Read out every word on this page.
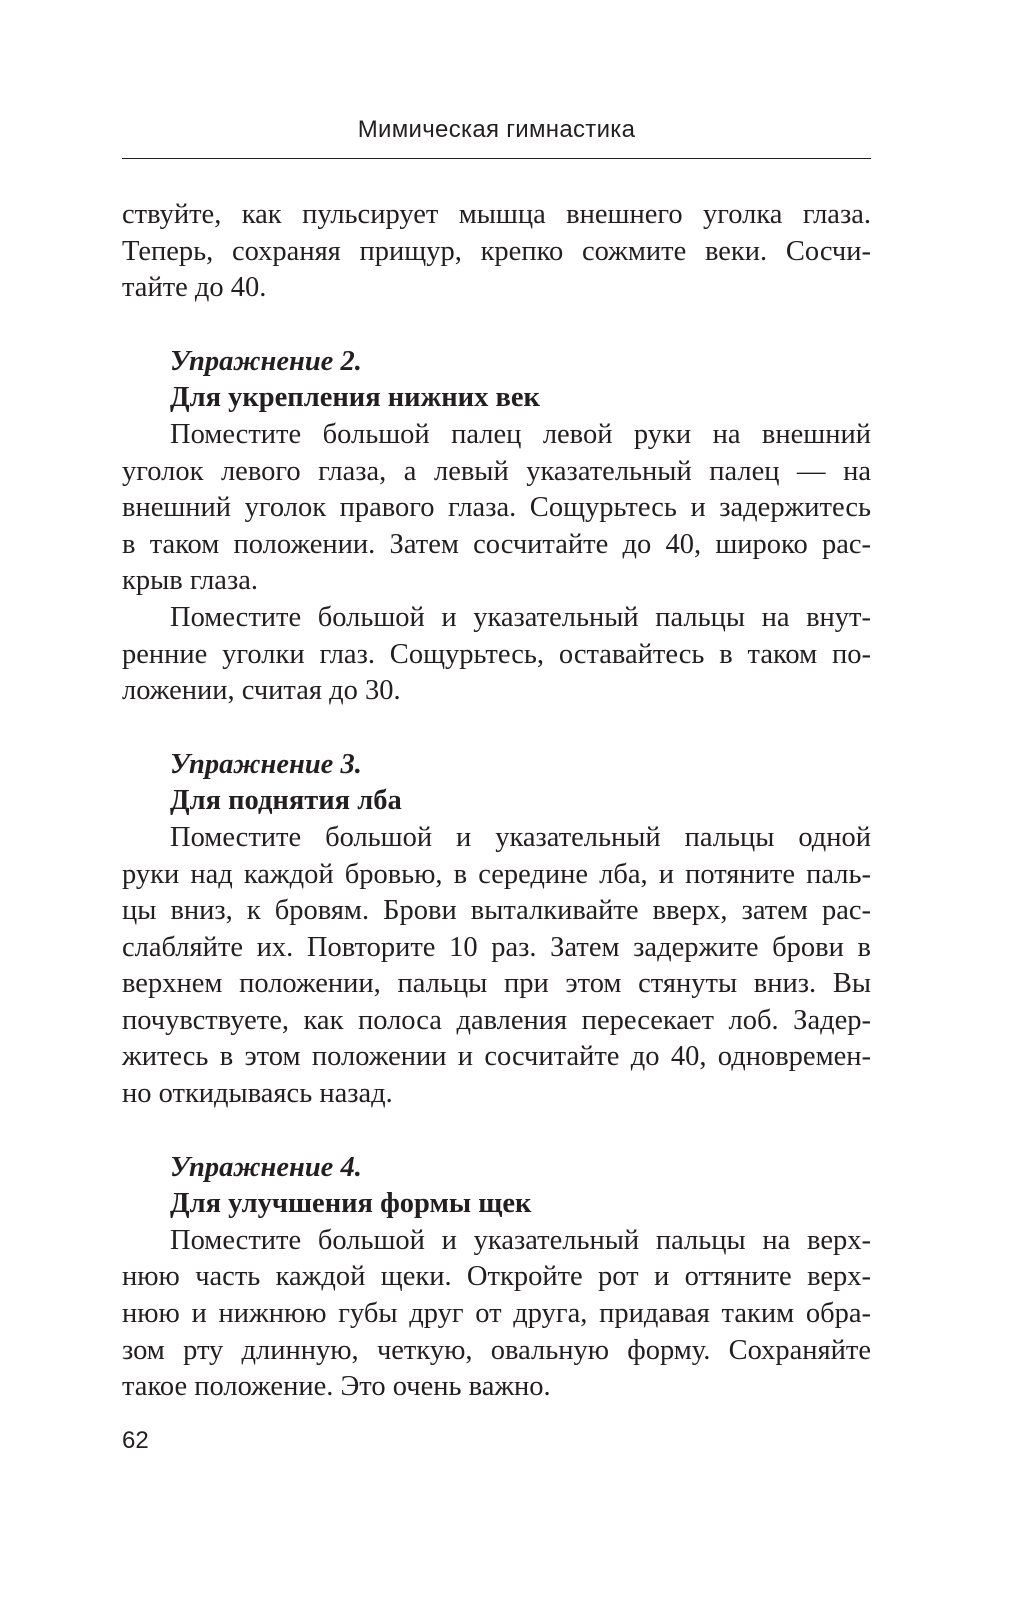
Мимическая гимнастика
ствуйте, как пульсирует мышца внешнего уголка глаза.
Теперь, сохраняя прищур, крепко сожмите веки. Сосчи-
тайте до 40.
Упражнение 2.
Для укрепления нижних век
Поместите большой палец левой руки на внешний
уголок левого глаза, а левый указательный палец — на
внешний уголок правого глаза. Сощурьтесь и задержитесь
в таком положении. Затем сосчитайте до 40, широко рас-
крыв глаза.
Поместите большой и указательный пальцы на внут-
ренние уголки глаз. Сощурьтесь, оставайтесь в таком по-
ложении, считая до 30.
Упражнение 3.
Для поднятия лба
Поместите большой и указательный пальцы одной
руки над каждой бровью, в середине лба, и потяните паль-
цы вниз, к бровям. Брови выталкивайте вверх, затем рас-
слабляйте их. Повторите 10 раз. Затем задержите брови в
верхнем положении, пальцы при этом стянуты вниз. Вы
почувствуете, как полоса давления пересекает лоб. Задер-
житесь в этом положении и сосчитайте до 40, одновремен-
но откидываясь назад.
Упражнение 4.
Для улучшения формы щек
Поместите большой и указательный пальцы на верх-
нюю часть каждой щеки. Откройте рот и оттяните верх-
нюю и нижнюю губы друг от друга, придавая таким обра-
зом рту длинную, четкую, овальную форму. Сохраняйте
такое положение. Это очень важно.
62
